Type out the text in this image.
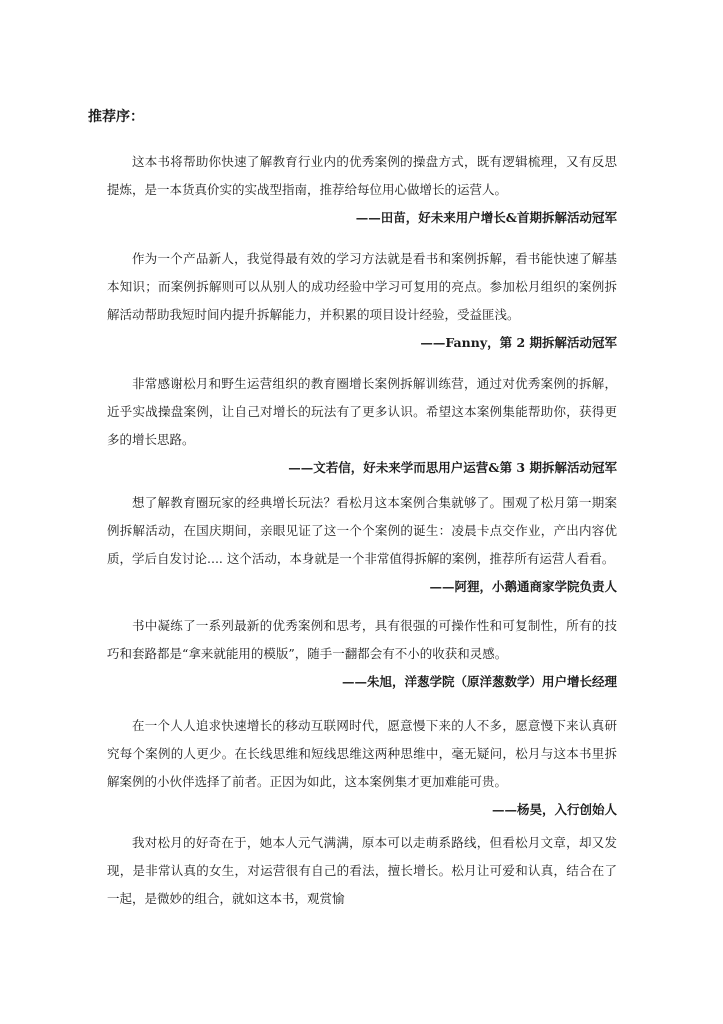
推荐序：

这本书将帮助你快速了解教育行业内的优秀案例的操盘方式，既有逻辑梳理，又有反思提炼，是一本货真价实的实战型指南，推荐给每位用心做增长的运营人。

——田苗，好未来用户增长&首期拆解活动冠军

作为一个产品新人，我觉得最有效的学习方法就是看书和案例拆解，看书能快速了解基本知识；而案例拆解则可以从别人的成功经验中学习可复用的亮点。参加松月组织的案例拆解活动帮助我短时间内提升拆解能力，并积累的项目设计经验，受益匪浅。

——Fanny，第 2 期拆解活动冠军

非常感谢松月和野生运营组织的教育圈增长案例拆解训练营，通过对优秀案例的拆解，近乎实战操盘案例，让自己对增长的玩法有了更多认识。希望这本案例集能帮助你，获得更多的增长思路。

——文若信，好未来学而思用户运营&第 3 期拆解活动冠军

想了解教育圈玩家的经典增长玩法？看松月这本案例合集就够了。围观了松月第一期案例拆解活动，在国庆期间，亲眼见证了这一个个案例的诞生：凌晨卡点交作业，产出内容优质，学后自发讨论.... 这个活动，本身就是一个非常值得拆解的案例，推荐所有运营人看看。

——阿狸，小鹅通商家学院负责人

书中凝练了一系列最新的优秀案例和思考，具有很强的可操作性和可复制性，所有的技巧和套路都是“拿来就能用的模版”，随手一翻都会有不小的收获和灵感。

——朱旭，洋葱学院（原洋葱数学）用户增长经理

在一个人人追求快速增长的移动互联网时代，愿意慢下来的人不多，愿意慢下来认真研究每个案例的人更少。在长线思维和短线思维这两种思维中，毫无疑问，松月与这本书里拆解案例的小伙伴选择了前者。正因为如此，这本案例集才更加难能可贵。

——杨昊，入行创始人

我对松月的好奇在于，她本人元气满满，原本可以走萌系路线，但看松月文章，却又发现，是非常认真的女生，对运营很有自己的看法，擅长增长。松月让可爱和认真，结合在了一起，是微妙的组合，就如这本书，观赏愉
